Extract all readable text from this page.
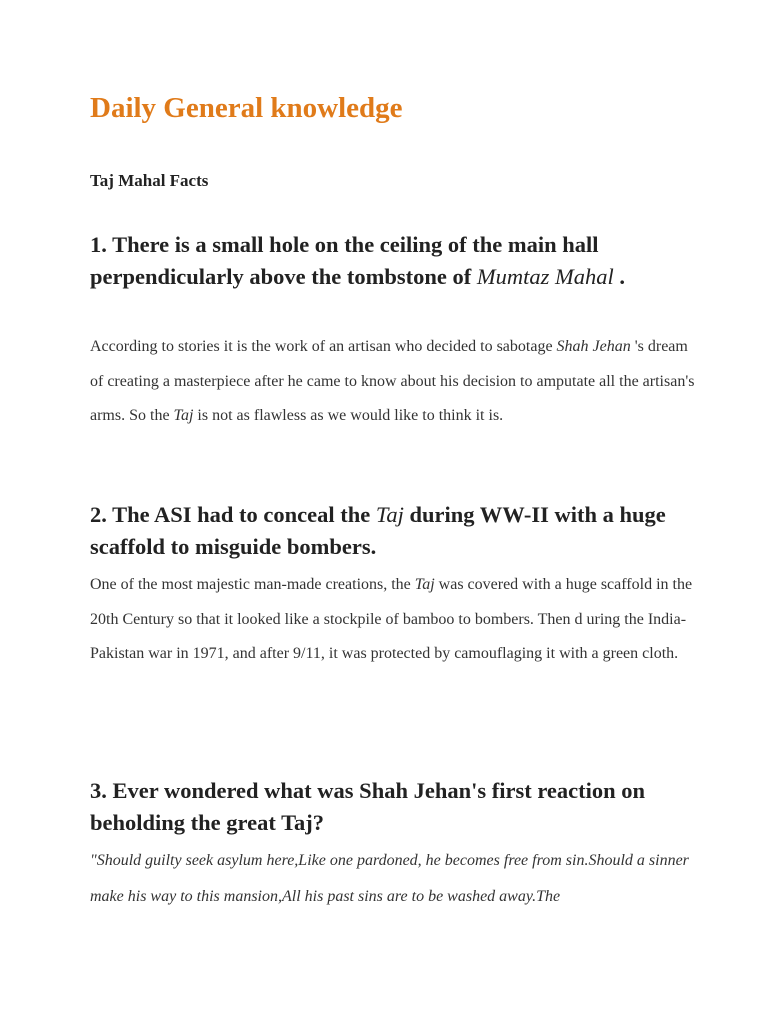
Daily General knowledge

Taj Mahal Facts

1. There is a small hole on the ceiling of the main hall perpendicularly above the tombstone of Mumtaz Mahal .

According to stories it is the work of an artisan who decided to sabotage Shah Jehan 's dream of creating a masterpiece after he came to know about his decision to amputate all the artisan's arms. So the Taj is not as flawless as we would like to think it is.

2. The ASI had to conceal the Taj during WW-II with a huge scaffold to misguide bombers.

One of the most majestic man-made creations, the Taj was covered with a huge scaffold in the 20th Century so that it looked like a stockpile of bamboo to bombers. Then d uring the India- Pakistan war in 1971, and after 9/11, it was protected by camouflaging it with a green cloth.

3. Ever wondered what was Shah Jehan's first reaction on beholding the great Taj?

"Should guilty seek asylum here,Like one pardoned, he becomes free from sin.Should a sinner make his way to this mansion,All his past sins are to be washed away.The
